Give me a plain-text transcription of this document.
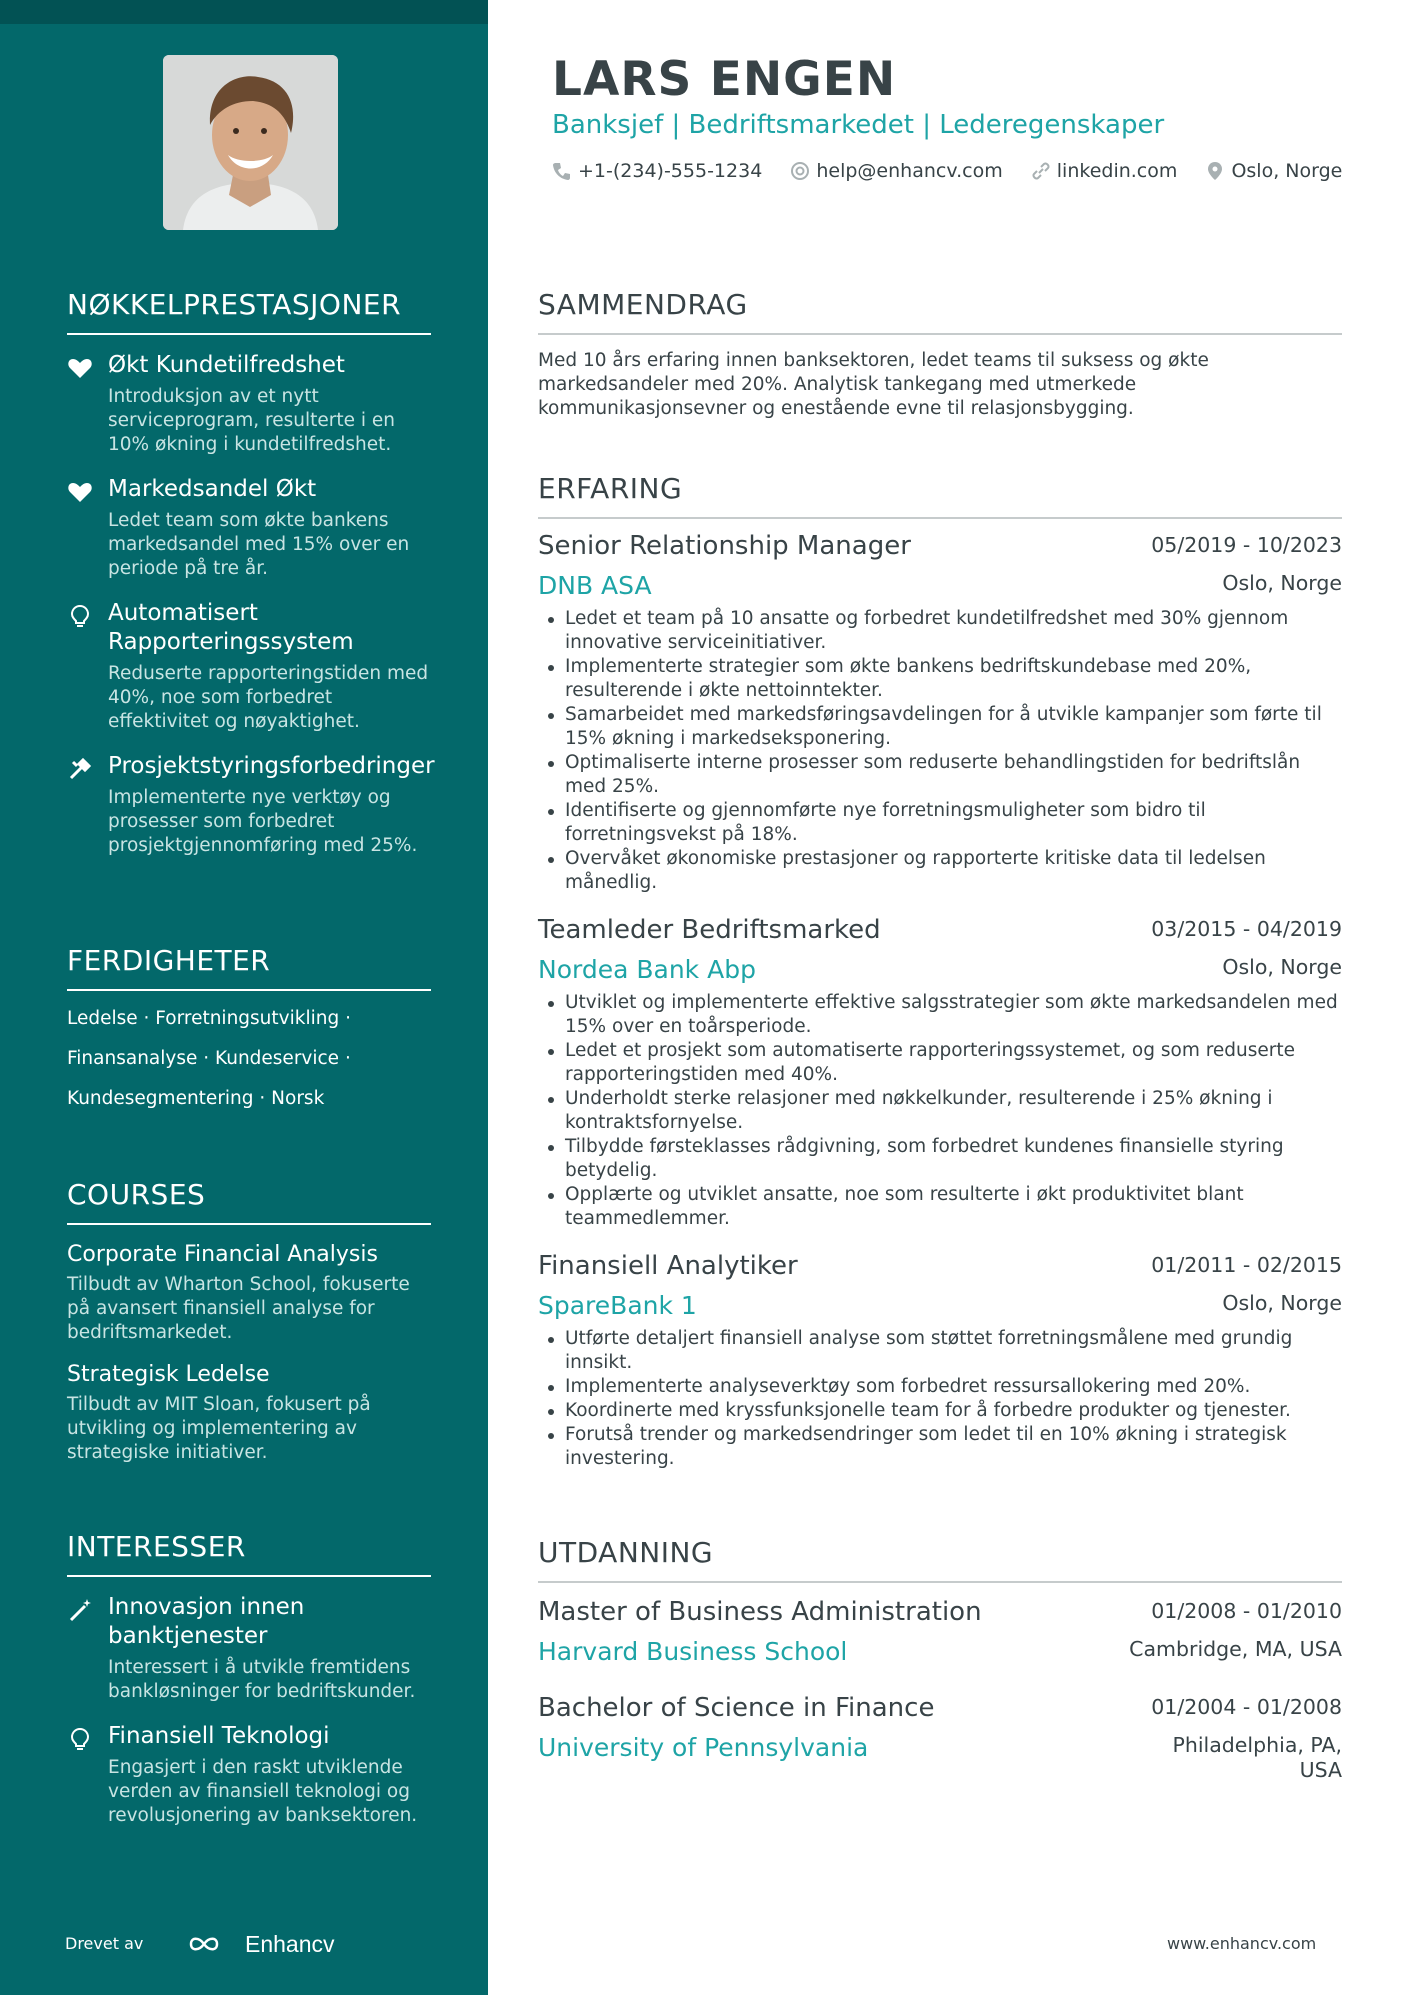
NØKKELPRESTASJONER
Økt Kundetilfredshet
Introduksjon av et nytt serviceprogram, resulterte i en 10% økning i kundetilfredshet.
Markedsandel Økt
Ledet team som økte bankens markedsandel med 15% over en periode på tre år.
Automatisert Rapporteringssystem
Reduserte rapporteringstiden med 40%, noe som forbedret effektivitet og nøyaktighet.
Prosjektstyringsforbedringer
Implementerte nye verktøy og prosesser som forbedret prosjektgjennomføring med 25%.
FERDIGHETER
Ledelse · Forretningsutvikling ·
Finansanalyse · Kundeservice ·
Kundesegmentering · Norsk
COURSES
Corporate Financial Analysis
Tilbudt av Wharton School, fokuserte på avansert finansiell analyse for bedriftsmarkedet.
Strategisk Ledelse
Tilbudt av MIT Sloan, fokusert på utvikling og implementering av strategiske initiativer.
INTERESSER
Innovasjon innen banktjenester
Interessert i å utvikle fremtidens bankløsninger for bedriftskunder.
Finansiell Teknologi
Engasjert i den raskt utviklende verden av finansiell teknologi og revolusjonering av banksektoren.
Drevet av	Enhancv
LARS ENGEN
Banksjef | Bedriftsmarkedet | Lederegenskaper
+1-(234)-555-1234	help@enhancv.com	linkedin.com	Oslo, Norge
SAMMENDRAG
Med 10 års erfaring innen banksektoren, ledet teams til suksess og økte markedsandeler med 20%. Analytisk tankegang med utmerkede kommunikasjonsevner og enestående evne til relasjonsbygging.
ERFARING
Senior Relationship Manager	05/2019 - 10/2023
DNB ASA	Oslo, Norge
Ledet et team på 10 ansatte og forbedret kundetilfredshet med 30% gjennom innovative serviceinitiativer.
Implementerte strategier som økte bankens bedriftskundebase med 20%, resulterende i økte nettoinntekter.
Samarbeidet med markedsføringsavdelingen for å utvikle kampanjer som førte til 15% økning i markedseksponering.
Optimaliserte interne prosesser som reduserte behandlingstiden for bedriftslån med 25%.
Identifiserte og gjennomførte nye forretningsmuligheter som bidro til forretningsvekst på 18%.
Overvåket økonomiske prestasjoner og rapporterte kritiske data til ledelsen månedlig.
Teamleder Bedriftsmarked	03/2015 - 04/2019
Nordea Bank Abp	Oslo, Norge
Utviklet og implementerte effektive salgsstrategier som økte markedsandelen med 15% over en toårsperiode.
Ledet et prosjekt som automatiserte rapporteringssystemet, og som reduserte rapporteringstiden med 40%.
Underholdt sterke relasjoner med nøkkelkunder, resulterende i 25% økning i kontraktsfornyelse.
Tilbydde førsteklasses rådgivning, som forbedret kundenes finansielle styring betydelig.
Opplærte og utviklet ansatte, noe som resulterte i økt produktivitet blant teammedlemmer.
Finansiell Analytiker	01/2011 - 02/2015
SpareBank 1	Oslo, Norge
Utførte detaljert finansiell analyse som støttet forretningsmålene med grundig innsikt.
Implementerte analyseverktøy som forbedret ressursallokering med 20%.
Koordinerte med kryssfunksjonelle team for å forbedre produkter og tjenester.
Forutså trender og markedsendringer som ledet til en 10% økning i strategisk investering.
UTDANNING
Master of Business Administration	01/2008 - 01/2010
Harvard Business School	Cambridge, MA, USA
Bachelor of Science in Finance	01/2004 - 01/2008
University of Pennsylvania	Philadelphia, PA, USA
www.enhancv.com
